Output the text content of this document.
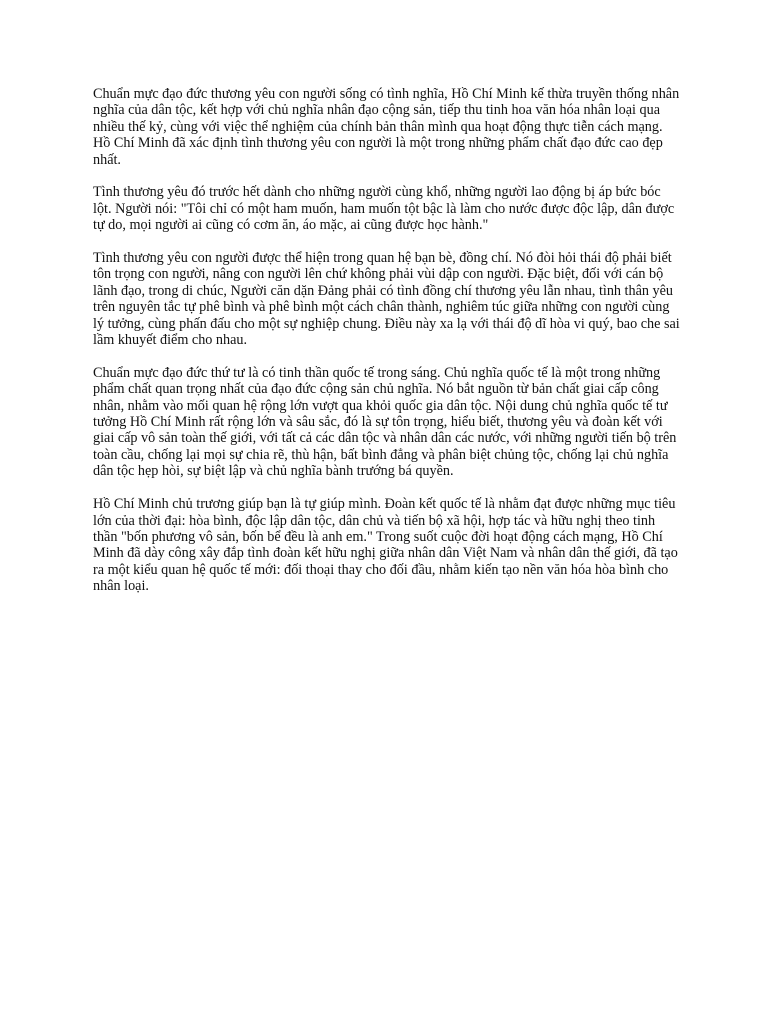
Chuẩn mực đạo đức thương yêu con người sống có tình nghĩa, Hồ Chí Minh kế thừa truyền thống nhân nghĩa của dân tộc, kết hợp với chủ nghĩa nhân đạo cộng sản, tiếp thu tinh hoa văn hóa nhân loại qua nhiều thế kỷ, cùng với việc thể nghiệm của chính bản thân mình qua hoạt động thực tiễn cách mạng. Hồ Chí Minh đã xác định tình thương yêu con người là một trong những phẩm chất đạo đức cao đẹp nhất.

Tình thương yêu đó trước hết dành cho những người cùng khổ, những người lao động bị áp bức bóc lột. Người nói: "Tôi chỉ có một ham muốn, ham muốn tột bậc là làm cho nước được độc lập, dân được tự do, mọi người ai cũng có cơm ăn, áo mặc, ai cũng được học hành."

Tình thương yêu con người được thể hiện trong quan hệ bạn bè, đồng chí. Nó đòi hỏi thái độ phải biết tôn trọng con người, nâng con người lên chứ không phải vùi dập con người. Đặc biệt, đối với cán bộ lãnh đạo, trong di chúc, Người căn dặn Đảng phải có tình đồng chí thương yêu lẫn nhau, tình thân yêu trên nguyên tắc tự phê bình và phê bình một cách chân thành, nghiêm túc giữa những con người cùng lý tưởng, cùng phấn đấu cho một sự nghiệp chung. Điều này xa lạ với thái độ dĩ hòa vi quý, bao che sai lầm khuyết điểm cho nhau.

Chuẩn mực đạo đức thứ tư là có tinh thần quốc tế trong sáng. Chủ nghĩa quốc tế là một trong những phẩm chất quan trọng nhất của đạo đức cộng sản chủ nghĩa. Nó bắt nguồn từ bản chất giai cấp công nhân, nhằm vào mối quan hệ rộng lớn vượt qua khỏi quốc gia dân tộc. Nội dung chủ nghĩa quốc tế tư tưởng Hồ Chí Minh rất rộng lớn và sâu sắc, đó là sự tôn trọng, hiểu biết, thương yêu và đoàn kết với giai cấp vô sản toàn thế giới, với tất cả các dân tộc và nhân dân các nước, với những người tiến bộ trên toàn cầu, chống lại mọi sự chia rẽ, thù hận, bất bình đẳng và phân biệt chủng tộc, chống lại chủ nghĩa dân tộc hẹp hòi, sự biệt lập và chủ nghĩa bành trướng bá quyền.

Hồ Chí Minh chủ trương giúp bạn là tự giúp mình. Đoàn kết quốc tế là nhằm đạt được những mục tiêu lớn của thời đại: hòa bình, độc lập dân tộc, dân chủ và tiến bộ xã hội, hợp tác và hữu nghị theo tinh thần "bốn phương vô sản, bốn bể đều là anh em." Trong suốt cuộc đời hoạt động cách mạng, Hồ Chí Minh đã dày công xây đắp tình đoàn kết hữu nghị giữa nhân dân Việt Nam và nhân dân thế giới, đã tạo ra một kiểu quan hệ quốc tế mới: đối thoại thay cho đối đầu, nhằm kiến tạo nền văn hóa hòa bình cho nhân loại.
